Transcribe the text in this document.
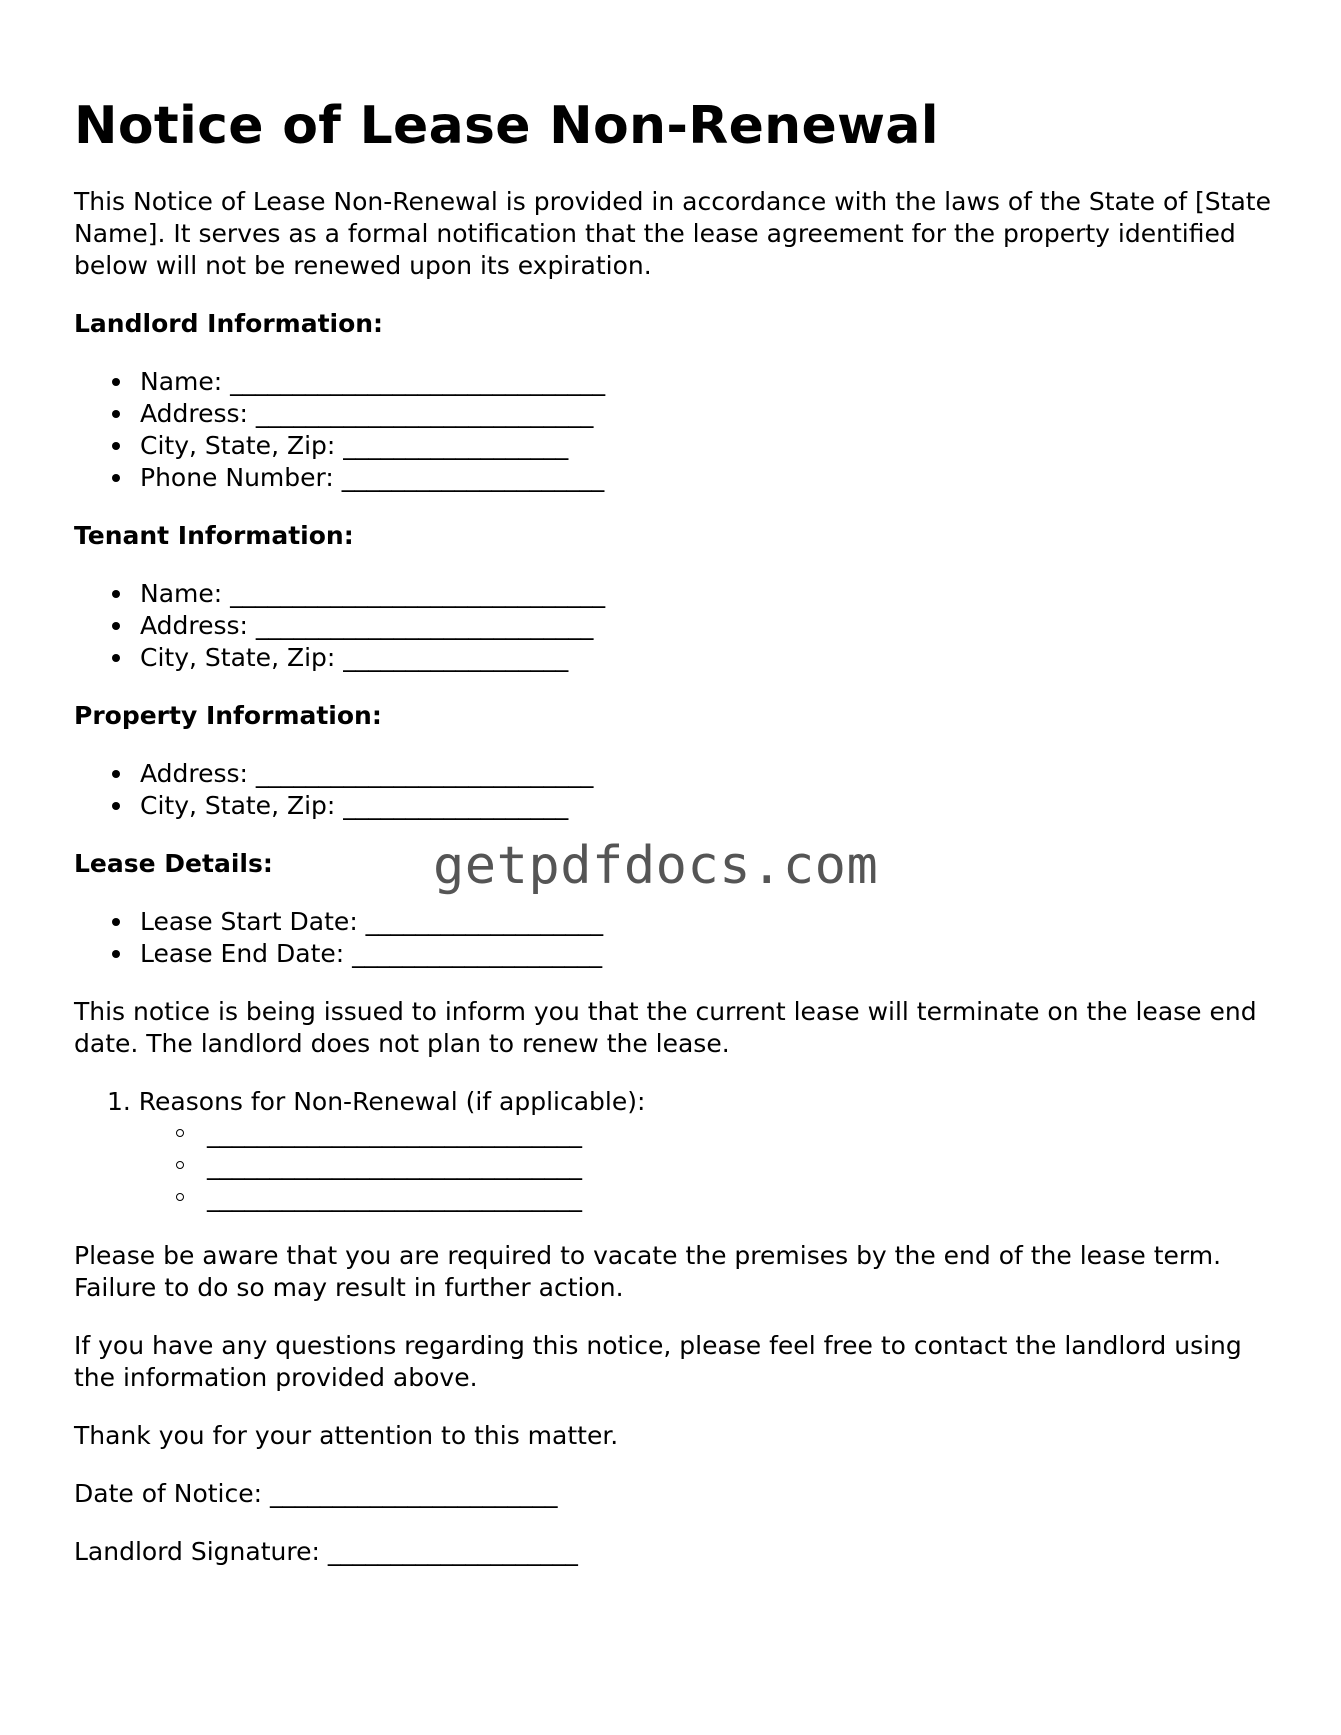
Notice of Lease Non-Renewal

This Notice of Lease Non-Renewal is provided in accordance with the laws of the State of [State Name]. It serves as a formal notification that the lease agreement for the property identified below will not be renewed upon its expiration.

Landlord Information:
Name: ______________________________
Address: ___________________________
City, State, Zip: __________________
Phone Number: _____________________
Tenant Information:
Name: ______________________________
Address: ___________________________
City, State, Zip: __________________
Property Information:
Address: ___________________________
City, State, Zip: __________________
Lease Details:
Lease Start Date: ___________________
Lease End Date: ____________________

This notice is being issued to inform you that the current lease will terminate on the lease end date. The landlord does not plan to renew the lease.

1. Reasons for Non-Renewal (if applicable):
______________________________
______________________________
______________________________

Please be aware that you are required to vacate the premises by the end of the lease term. Failure to do so may result in further action.

If you have any questions regarding this notice, please feel free to contact the landlord using the information provided above.

Thank you for your attention to this matter.

Date of Notice: _______________________

Landlord Signature: ____________________

getpdfdocs.com
